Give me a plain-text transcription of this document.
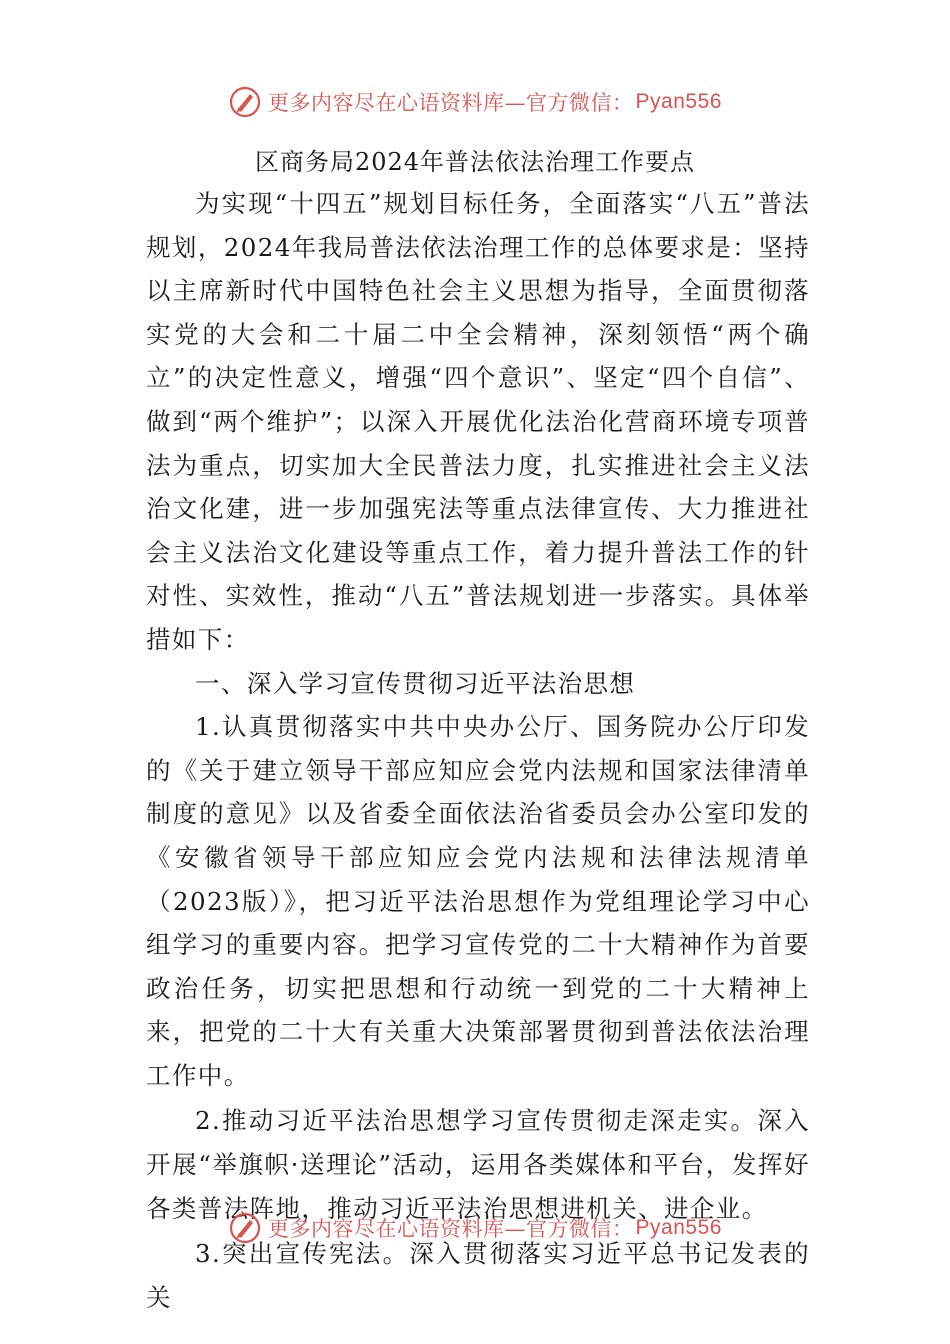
更多内容尽在心语资料库—官方微信： Pyan556
区商务局2024年普法依法治理工作要点

为实现“十四五”规划目标任务，全面落实“八五”普法规划，2024年我局普法依法治理工作的总体要求是：坚持以主席新时代中国特色社会主义思想为指导，全面贯彻落实党的大会和二十届二中全会精神，深刻领悟“两个确立”的决定性意义，增强“四个意识”、坚定“四个自信”、做到“两个维护”；以深入开展优化法治化营商环境专项普法为重点，切实加大全民普法力度，扎实推进社会主义法治文化建，进一步加强宪法等重点法律宣传、大力推进社会主义法治文化建设等重点工作，着力提升普法工作的针对性、实效性，推动“八五”普法规划进一步落实。具体举措如下：

一、深入学习宣传贯彻习近平法治思想

1.认真贯彻落实中共中央办公厅、国务院办公厅印发的《关于建立领导干部应知应会党内法规和国家法律清单制度的意见》以及省委全面依法治省委员会办公室印发的《安徽省领导干部应知应会党内法规和法律法规清单（2023版）》，把习近平法治思想作为党组理论学习中心组学习的重要内容。把学习宣传党的二十大精神作为首要政治任务，切实把思想和行动统一到党的二十大精神上来，把党的二十大有关重大决策部署贯彻到普法依法治理工作中。

2.推动习近平法治思想学习宣传贯彻走深走实。深入开展“举旗帜·送理论”活动，运用各类媒体和平台，发挥好各类普法阵地，推动习近平法治思想进机关、进企业。

3.突出宣传宪法。深入贯彻落实习近平总书记发表的关

更多内容尽在心语资料库—官方微信： Pyan556
